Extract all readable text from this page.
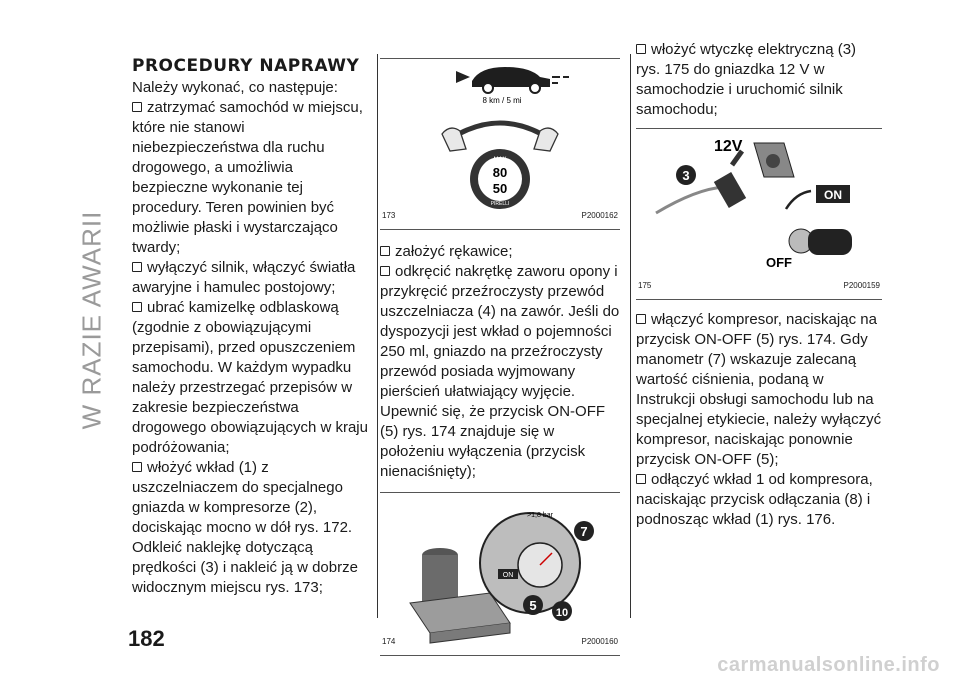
W RAZIE AWARII
PROCEDURY NAPRAWY

Należy wykonać, co następuje:

zatrzymać samochód w miejscu, które nie stanowi niebezpieczeństwa dla ruchu drogowego, a umożliwia bezpieczne wykonanie tej procedury. Teren powinien być możliwie płaski i wystarczająco twardy;

wyłączyć silnik, włączyć światła awaryjne i hamulec postojowy;

ubrać kamizelkę odblaskową (zgodnie z obowiązującymi przepisami), przed opuszczeniem samochodu. W każdym wypadku należy przestrzegać przepisów w zakresie bezpieczeństwa drogowego obowiązujących w kraju podróżowania;

włożyć wkład (1) z uszczelniaczem do specjalnego gniazda w kompresorze (2), dociskając mocno w dół rys. 172.

Odkleić naklejkę dotyczącą prędkości (3) i nakleić ją w dobrze widocznym miejscu rys. 173;

8 km / 5 mi
MAX
80
50
PIRELLI
173	P2000162

założyć rękawice;

odkręcić nakrętkę zaworu opony i przykręcić przeźroczysty przewód uszczelniacza (4) na zawór. Jeśli do dyspozycji jest wkład o pojemności 250 ml, gniazdo na przeźroczysty przewód posiada wyjmowany pierścień ułatwiający wyjęcie.

Upewnić się, że przycisk ON-OFF (5) rys. 174 znajduje się w położeniu wyłączenia (przycisk nienaciśnięty);

ON
>1,8 bar
7
5 10
174	P2000160

włożyć wtyczkę elektryczną (3) rys. 175 do gniazdka 12 V w samochodzie i uruchomić silnik samochodu;

12V
3
ON
OFF
175	P2000159

włączyć kompresor, naciskając na przycisk ON-OFF (5) rys. 174. Gdy manometr (7) wskazuje zalecaną wartość ciśnienia, podaną w Instrukcji obsługi samochodu lub na specjalnej etykiecie, należy wyłączyć kompresor, naciskając ponownie przycisk ON-OFF (5);

odłączyć wkład 1 od kompresora, naciskając przycisk odłączania (8) i podnosząc wkład (1) rys. 176.

182
carmanualsonline.info
